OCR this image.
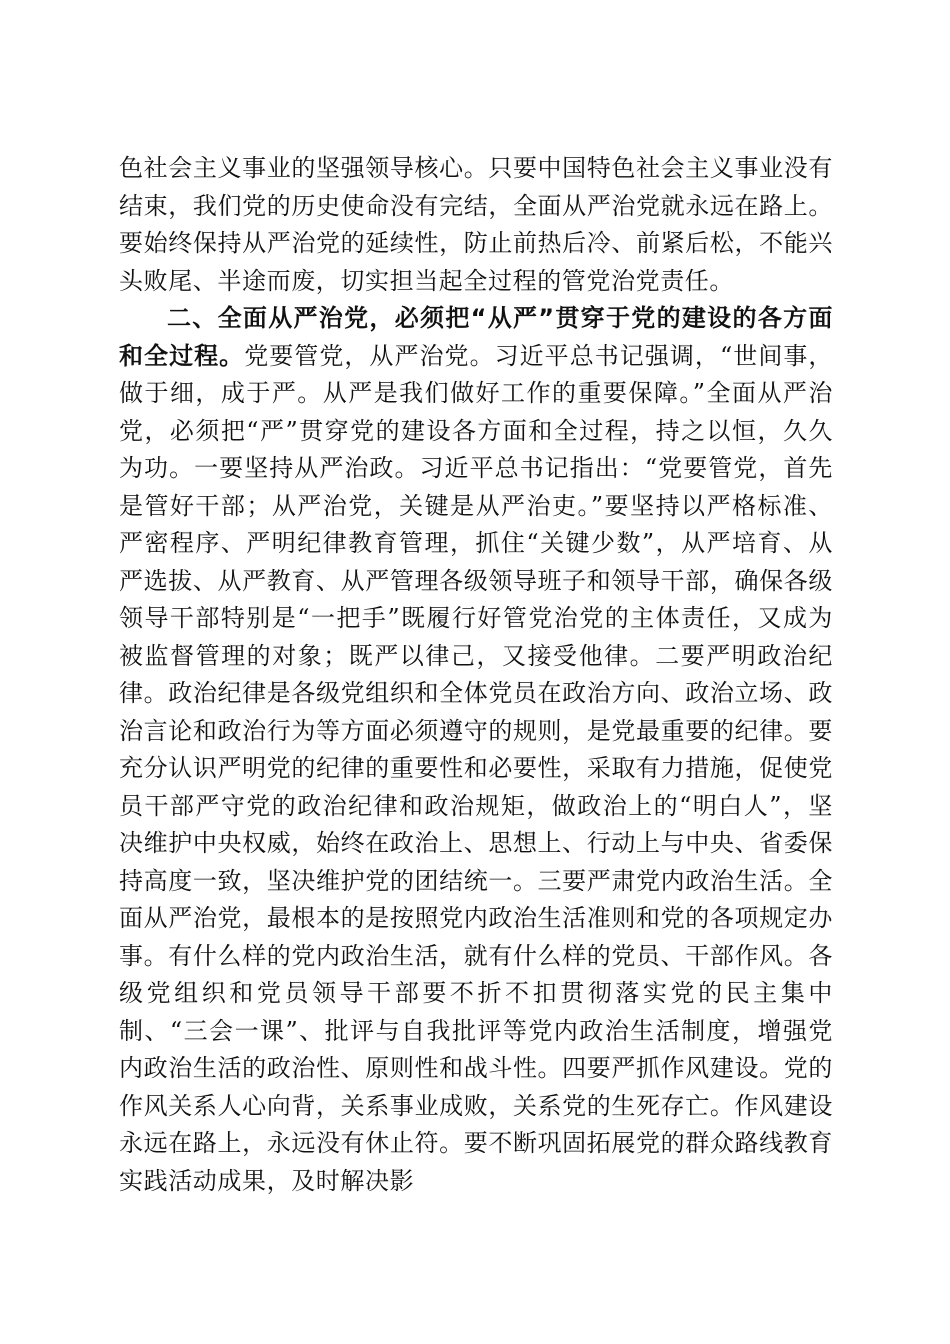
色社会主义事业的坚强领导核心。只要中国特色社会主义事业没有结束，我们党的历史使命没有完结，全面从严治党就永远在路上。要始终保持从严治党的延续性，防止前热后冷、前紧后松，不能兴头败尾、半途而废，切实担当起全过程的管党治党责任。

二、全面从严治党，必须把“从严”贯穿于党的建设的各方面和全过程。党要管党，从严治党。习近平总书记强调，“世间事，做于细，成于严。从严是我们做好工作的重要保障。”全面从严治党，必须把“严”贯穿党的建设各方面和全过程，持之以恒，久久为功。一要坚持从严治政。习近平总书记指出：“党要管党，首先是管好干部；从严治党，关键是从严治吏。”要坚持以严格标准、严密程序、严明纪律教育管理，抓住“关键少数”，从严培育、从严选拔、从严教育、从严管理各级领导班子和领导干部，确保各级领导干部特别是“一把手”既履行好管党治党的主体责任，又成为被监督管理的对象；既严以律己，又接受他律。二要严明政治纪律。政治纪律是各级党组织和全体党员在政治方向、政治立场、政治言论和政治行为等方面必须遵守的规则，是党最重要的纪律。要充分认识严明党的纪律的重要性和必要性，采取有力措施，促使党员干部严守党的政治纪律和政治规矩，做政治上的“明白人”，坚决维护中央权威，始终在政治上、思想上、行动上与中央、省委保持高度一致，坚决维护党的团结统一。三要严肃党内政治生活。全面从严治党，最根本的是按照党内政治生活准则和党的各项规定办事。有什么样的党内政治生活，就有什么样的党员、干部作风。各级党组织和党员领导干部要不折不扣贯彻落实党的民主集中制、“三会一课”、批评与自我批评等党内政治生活制度，增强党内政治生活的政治性、原则性和战斗性。四要严抓作风建设。党的作风关系人心向背，关系事业成败，关系党的生死存亡。作风建设永远在路上，永远没有休止符。要不断巩固拓展党的群众路线教育实践活动成果，及时解决影
